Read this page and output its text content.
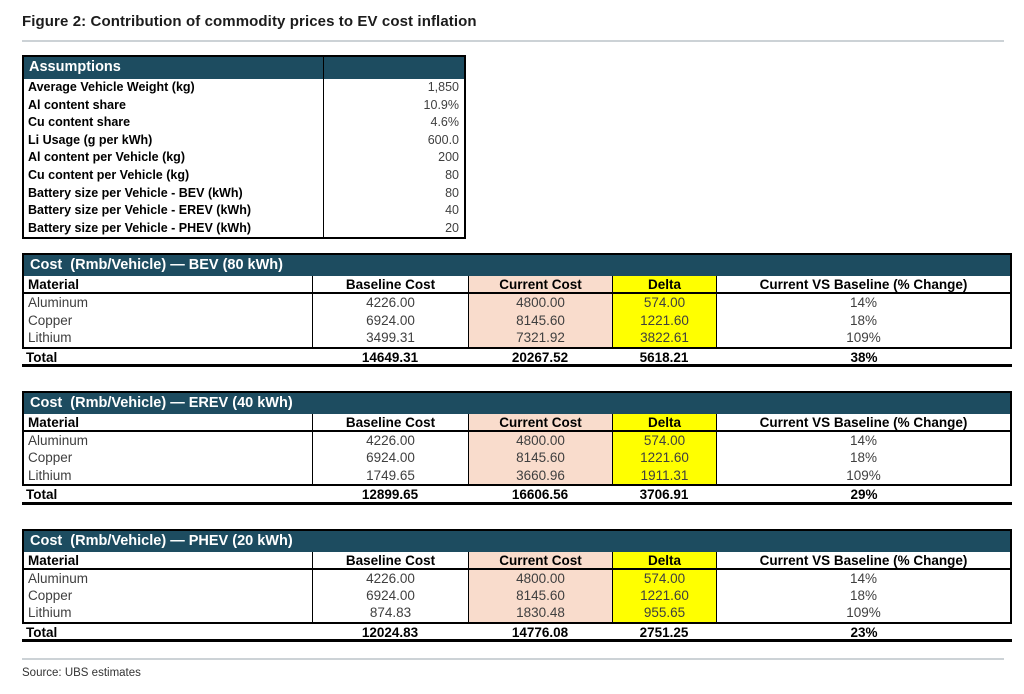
Figure 2: Contribution of commodity prices to EV cost inflation
Assumptions
Average Vehicle Weight (kg)	1,850
Al content share	10.9%
Cu content share	4.6%
Li Usage (g per kWh)	600.0
Al content per Vehicle (kg)	200
Cu content per Vehicle (kg)	80
Battery size per Vehicle - BEV (kWh)	80
Battery size per Vehicle - EREV (kWh)	40
Battery size per Vehicle - PHEV (kWh)	20
Cost  (Rmb/Vehicle) — BEV (80 kWh)
Material	Baseline Cost	Current Cost	Delta	Current VS Baseline (% Change)
Aluminum	4226.00	4800.00	574.00	14%
Copper	6924.00	8145.60	1221.60	18%
Lithium	3499.31	7321.92	3822.61	109%
Total	14649.31	20267.52	5618.21	38%
Cost  (Rmb/Vehicle) — EREV (40 kWh)
Material	Baseline Cost	Current Cost	Delta	Current VS Baseline (% Change)
Aluminum	4226.00	4800.00	574.00	14%
Copper	6924.00	8145.60	1221.60	18%
Lithium	1749.65	3660.96	1911.31	109%
Total	12899.65	16606.56	3706.91	29%
Cost  (Rmb/Vehicle) — PHEV (20 kWh)
Material	Baseline Cost	Current Cost	Delta	Current VS Baseline (% Change)
Aluminum	4226.00	4800.00	574.00	14%
Copper	6924.00	8145.60	1221.60	18%
Lithium	874.83	1830.48	955.65	109%
Total	12024.83	14776.08	2751.25	23%
Source: UBS estimates
